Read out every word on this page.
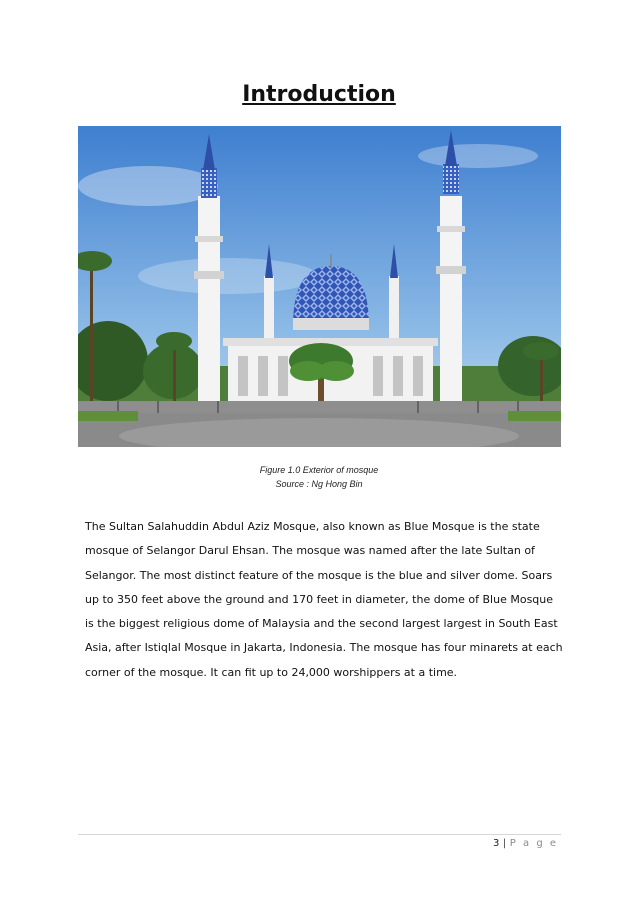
Introduction
Figure 1.0 Exterior of mosque
Source : Ng Hong Bin
The Sultan Salahuddin Abdul Aziz Mosque, also known as Blue Mosque is the state mosque of Selangor Darul Ehsan. The mosque was named after the late Sultan of Selangor. The most distinct feature of the mosque is the blue and silver dome. Soars up to 350 feet above the ground and 170 feet in diameter, the dome of Blue Mosque is the biggest religious dome of Malaysia and the second largest largest in South East Asia, after Istiqlal Mosque in Jakarta, Indonesia. The mosque has four minarets at each corner of the mosque. It can fit up to 24,000 worshippers at a time.
3 | P a g e
